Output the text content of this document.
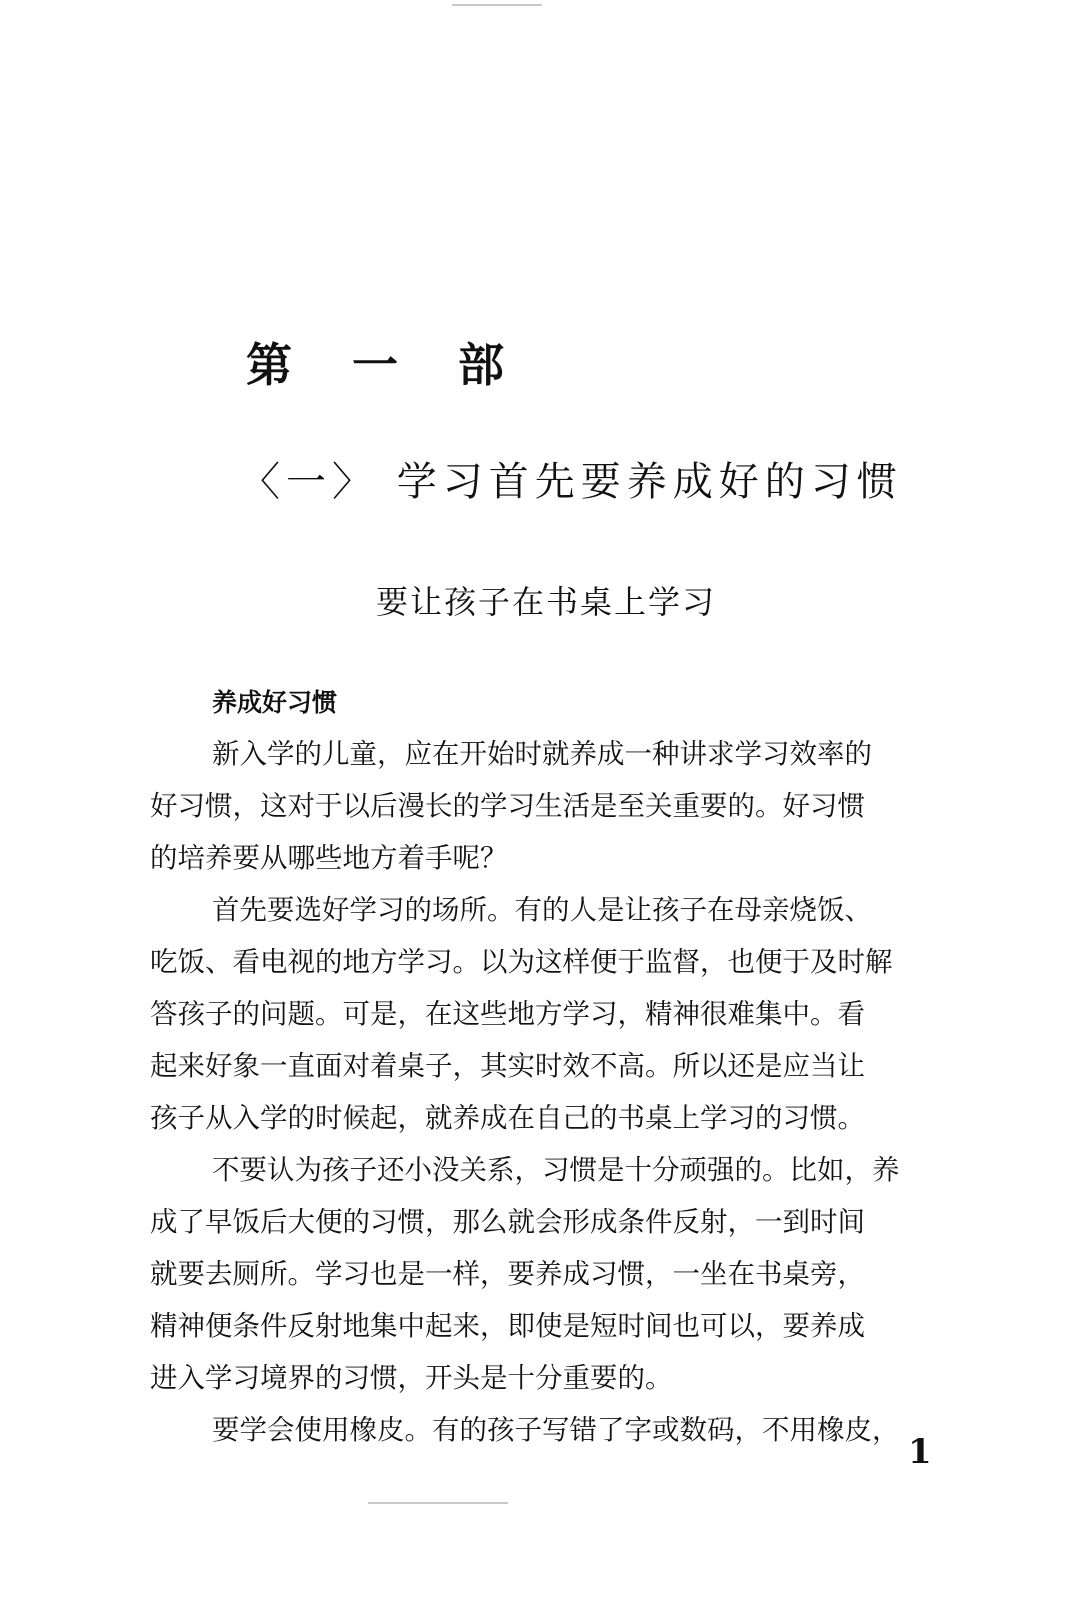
第 一 部
〈一〉 学习首先要养成好的习惯
要让孩子在书桌上学习
养成好习惯
新入学的儿童，应在开始时就养成一种讲求学习效率的
好习惯，这对于以后漫长的学习生活是至关重要的。好习惯
的培养要从哪些地方着手呢？
首先要选好学习的场所。有的人是让孩子在母亲烧饭、
吃饭、看电视的地方学习。以为这样便于监督，也便于及时解
答孩子的问题。可是，在这些地方学习，精神很难集中。看
起来好象一直面对着桌子，其实时效不高。所以还是应当让
孩子从入学的时候起，就养成在自己的书桌上学习的习惯。
不要认为孩子还小没关系，习惯是十分顽强的。比如，养
成了早饭后大便的习惯，那么就会形成条件反射，一到时间
就要去厕所。学习也是一样，要养成习惯，一坐在书桌旁，
精神便条件反射地集中起来，即使是短时间也可以，要养成
进入学习境界的习惯，开头是十分重要的。
要学会使用橡皮。有的孩子写错了字或数码，不用橡皮，
1
